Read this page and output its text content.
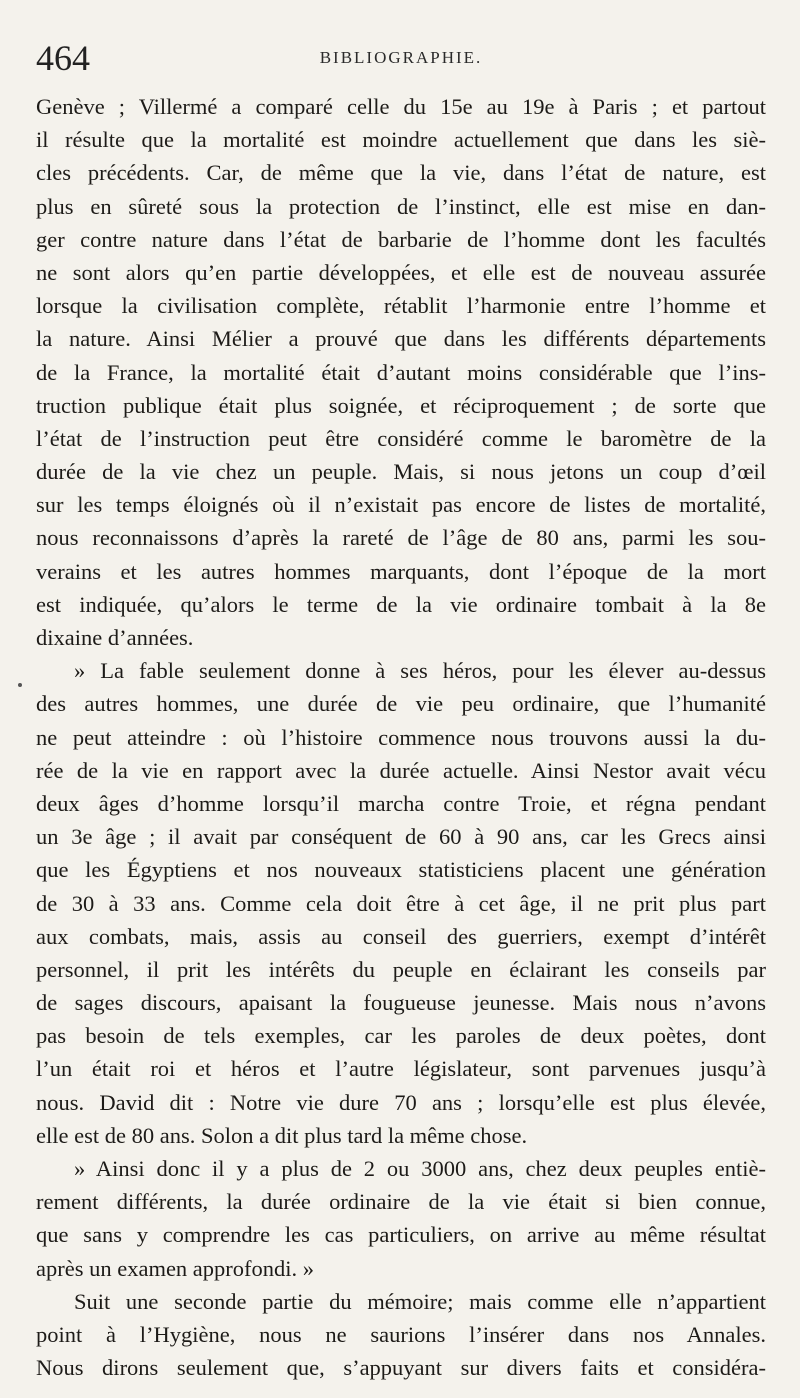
464	BIBLIOGRAPHIE.
Genève ; Villermé a comparé celle du 15e au 19e à Paris ; et partout
il résulte que la mortalité est moindre actuellement que dans les siè-
cles précédents. Car, de même que la vie, dans l’état de nature, est
plus en sûreté sous la protection de l’instinct, elle est mise en dan-
ger contre nature dans l’état de barbarie de l’homme dont les facultés
ne sont alors qu’en partie développées, et elle est de nouveau assurée
lorsque la civilisation complète, rétablit l’harmonie entre l’homme et
la nature. Ainsi Mélier a prouvé que dans les différents départements
de la France, la mortalité était d’autant moins considérable que l’ins-
truction publique était plus soignée, et réciproquement ; de sorte que
l’état de l’instruction peut être considéré comme le baromètre de la
durée de la vie chez un peuple. Mais, si nous jetons un coup d’œil
sur les temps éloignés où il n’existait pas encore de listes de mortalité,
nous reconnaissons d’après la rareté de l’âge de 80 ans, parmi les sou-
verains et les autres hommes marquants, dont l’époque de la mort
est indiquée, qu’alors le terme de la vie ordinaire tombait à la 8e
dixaine d’années.
» La fable seulement donne à ses héros, pour les élever au-dessus
des autres hommes, une durée de vie peu ordinaire, que l’humanité
ne peut atteindre : où l’histoire commence nous trouvons aussi la du-
rée de la vie en rapport avec la durée actuelle. Ainsi Nestor avait vécu
deux âges d’homme lorsqu’il marcha contre Troie, et régna pendant
un 3e âge ; il avait par conséquent de 60 à 90 ans, car les Grecs ainsi
que les Égyptiens et nos nouveaux statisticiens placent une génération
de 30 à 33 ans. Comme cela doit être à cet âge, il ne prit plus part
aux combats, mais, assis au conseil des guerriers, exempt d’intérêt
personnel, il prit les intérêts du peuple en éclairant les conseils par
de sages discours, apaisant la fougueuse jeunesse. Mais nous n’avons
pas besoin de tels exemples, car les paroles de deux poètes, dont
l’un était roi et héros et l’autre législateur, sont parvenues jusqu’à
nous. David dit : Notre vie dure 70 ans ; lorsqu’elle est plus élevée,
elle est de 80 ans. Solon a dit plus tard la même chose.
» Ainsi donc il y a plus de 2 ou 3000 ans, chez deux peuples entiè-
rement différents, la durée ordinaire de la vie était si bien connue,
que sans y comprendre les cas particuliers, on arrive au même résultat
après un examen approfondi. »
Suit une seconde partie du mémoire; mais comme elle n’appartient
point à l’Hygiène, nous ne saurions l’insérer dans nos Annales.
Nous dirons seulement que, s’appuyant sur divers faits et considéra-
